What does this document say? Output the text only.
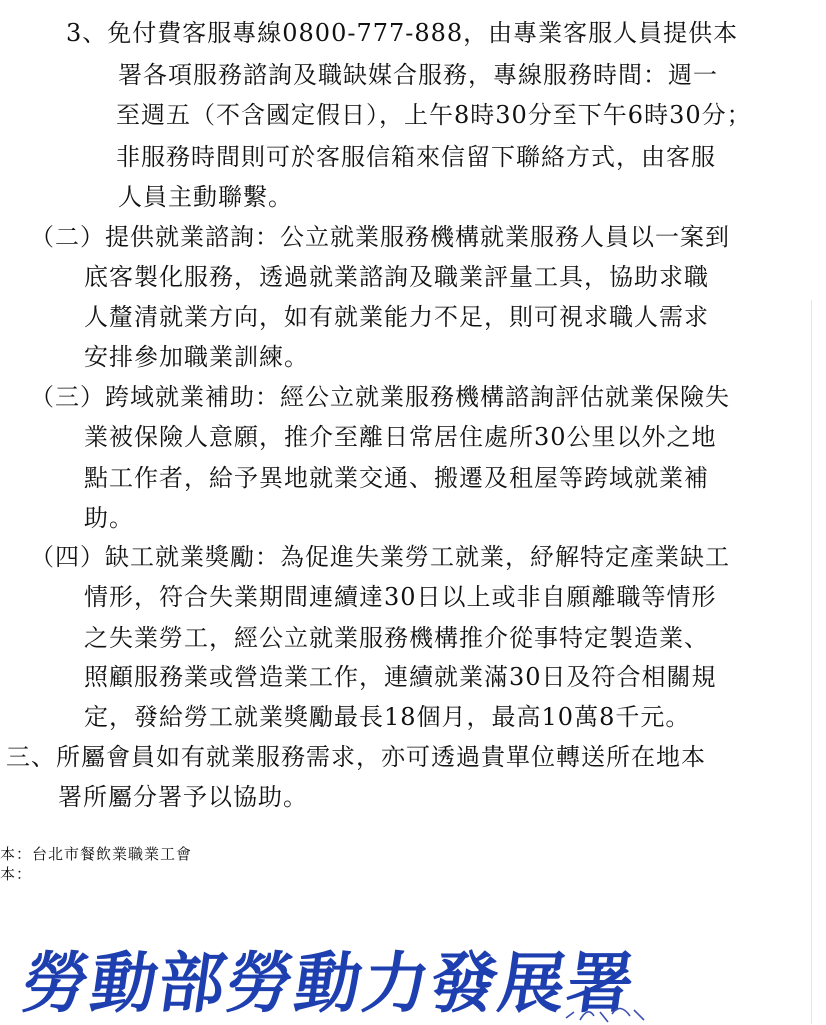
3、免付費客服專線0800-777-888，由專業客服人員提供本
署各項服務諮詢及職缺媒合服務，專線服務時間：週一
至週五（不含國定假日），上午8時30分至下午6時30分；
非服務時間則可於客服信箱來信留下聯絡方式，由客服
人員主動聯繫。
（二）提供就業諮詢：公立就業服務機構就業服務人員以一案到
底客製化服務，透過就業諮詢及職業評量工具，協助求職
人釐清就業方向，如有就業能力不足，則可視求職人需求
安排參加職業訓練。
（三）跨域就業補助：經公立就業服務機構諮詢評估就業保險失
業被保險人意願，推介至離日常居住處所30公里以外之地
點工作者，給予異地就業交通、搬遷及租屋等跨域就業補
助。
（四）缺工就業獎勵：為促進失業勞工就業，紓解特定產業缺工
情形，符合失業期間連續達30日以上或非自願離職等情形
之失業勞工，經公立就業服務機構推介從事特定製造業、
照顧服務業或營造業工作，連續就業滿30日及符合相關規
定，發給勞工就業獎勵最長18個月，最高10萬8千元。
三、所屬會員如有就業服務需求，亦可透過貴單位轉送所在地本
署所屬分署予以協助。
本：台北市餐飲業職業工會
本：
勞動部勞動力發展署
